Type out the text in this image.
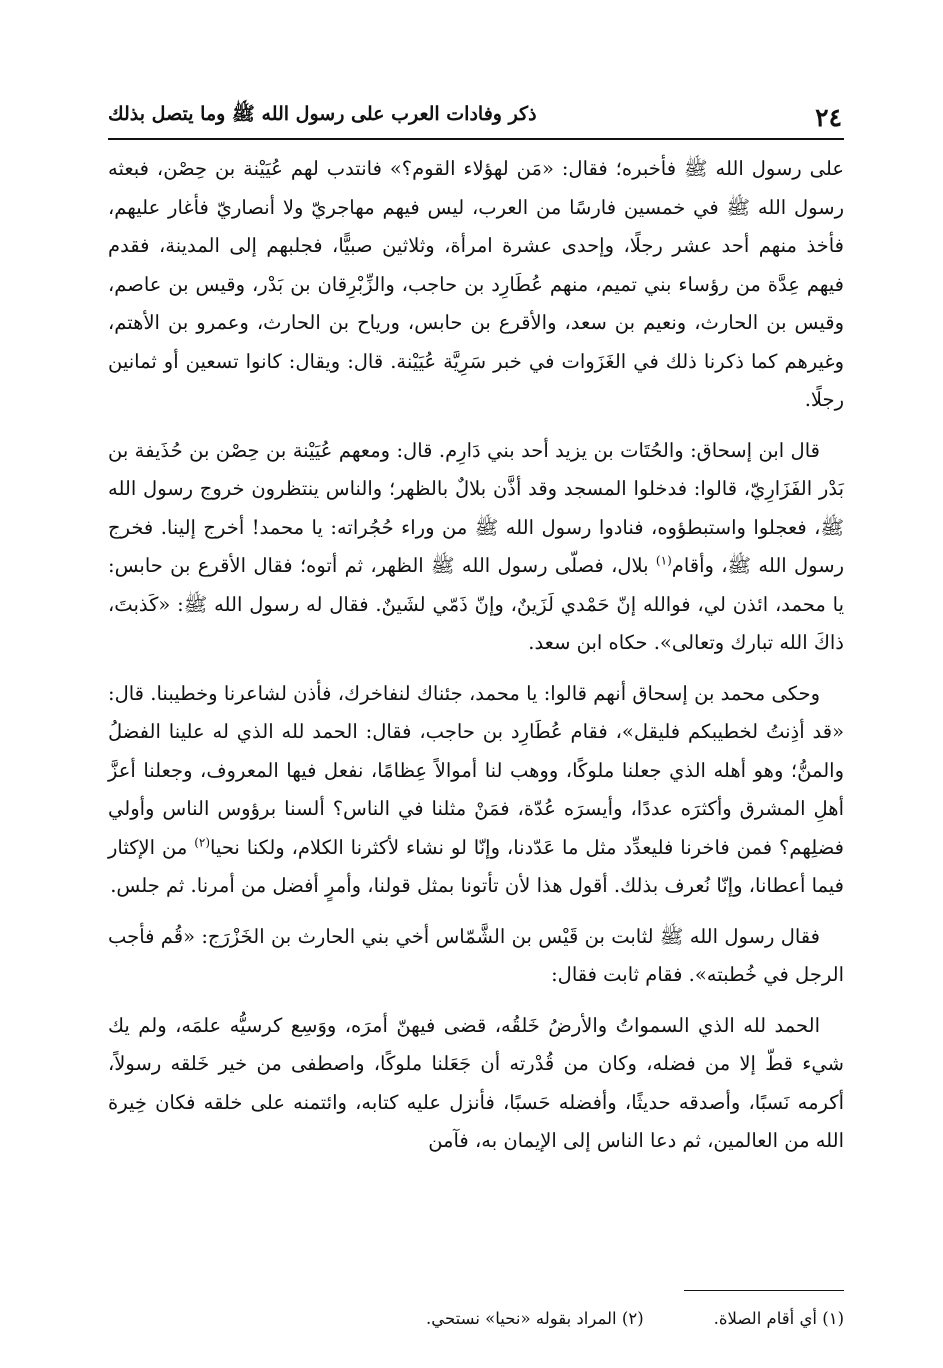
٢٤
ذكر وفادات العرب على رسول الله ﷺ وما يتصل بذلك

على رسول الله ﷺ فأخبره؛ فقال: «مَن لهؤلاء القوم؟» فانتدب لهم عُيَيْنة بن حِصْن، فبعثه رسول الله ﷺ في خمسين فارسًا من العرب، ليس فيهم مهاجريّ ولا أنصاريّ فأغار عليهم، فأخذ منهم أحد عشر رجلًا، وإحدى عشرة امرأة، وثلاثين صبيًّا، فجلبهم إلى المدينة، فقدم فيهم عِدَّة من رؤساء بني تميم، منهم عُطَارِد بن حاجب، والزِّبْرِقان بن بَدْر، وقيس بن عاصم، وقيس بن الحارث، ونعيم بن سعد، والأقرع بن حابس، ورياح بن الحارث، وعمرو بن الأهتم، وغيرهم كما ذكرنا ذلك في الغَزَوات في خبر سَرِيَّة عُيَيْنة. قال: ويقال: كانوا تسعين أو ثمانين رجلًا.

قال ابن إسحاق: والحُتَات بن يزيد أحد بني دَارِم. قال: ومعهم عُيَيْنة بن حِصْن بن حُذَيفة بن بَدْر الفَزَارِيّ، قالوا: فدخلوا المسجد وقد أذَّن بلالٌ بالظهر؛ والناس ينتظرون خروج رسول الله ﷺ، فعجلوا واستبطؤوه، فنادوا رسول الله ﷺ من وراء حُجُراته: يا محمد! أخرج إلينا. فخرج رسول الله ﷺ، وأقام$^{(١)}$ بلال، فصلّى رسول الله ﷺ الظهر، ثم أتوه؛ فقال الأقرع بن حابس: يا محمد، ائذن لي، فوالله إنّ حَمْدي لَزَينٌ، وإنّ ذَمّي لشَينٌ. فقال له رسول الله ﷺ: «كَذبتَ، ذاكَ الله تبارك وتعالى». حكاه ابن سعد.

وحكى محمد بن إسحاق أنهم قالوا: يا محمد، جئناك لنفاخرك، فأذن لشاعرنا وخطيبنا. قال: «قد أذِنتُ لخطيبكم فليقل»، فقام عُطَارِد بن حاجب، فقال: الحمد لله الذي له علينا الفضلُ والمنُّ؛ وهو أهله الذي جعلنا ملوكًا، ووهب لنا أموالاً عِظامًا، نفعل فيها المعروف، وجعلنا أعزَّ أهلِ المشرق وأكثرَه عددًا، وأيسرَه عُدّة، فمَنْ مثلنا في الناس؟ ألسنا برؤوس الناس وأولي فضلِهم؟ فمن فاخرنا فليعدِّد مثل ما عَدّدنا، وإنّا لو نشاء لأكثرنا الكلام، ولكنا نحيا$^{(٢)}$ من الإكثار فيما أعطانا، وإنّا نُعرف بذلك. أقول هذا لأن تأتونا بمثل قولنا، وأمرٍ أفضل من أمرنا. ثم جلس.

فقال رسول الله ﷺ لثابت بن قَيْس بن الشَّمّاس أخي بني الحارث بن الخَزْرَج: «قُم فأجب الرجل في خُطبته». فقام ثابت فقال:

الحمد لله الذي السمواتُ والأرضُ خَلقُه، قضى فيهنّ أمرَه، ووَسِع كرسيُّه علمَه، ولم يك شيء قطّ إلا من فضله، وكان من قُدْرته أن جَعَلنا ملوكًا، واصطفى من خير خَلقه رسولاً، أكرمه نَسبًا، وأصدقه حديثًا، وأفضله حَسبًا، فأنزل عليه كتابه، وائتمنه على خلقه فكان خِيرة الله من العالمين، ثم دعا الناس إلى الإيمان به، فآمن

(١) أي أقام الصلاة.
(٢) المراد بقوله «نحيا» نستحي.
